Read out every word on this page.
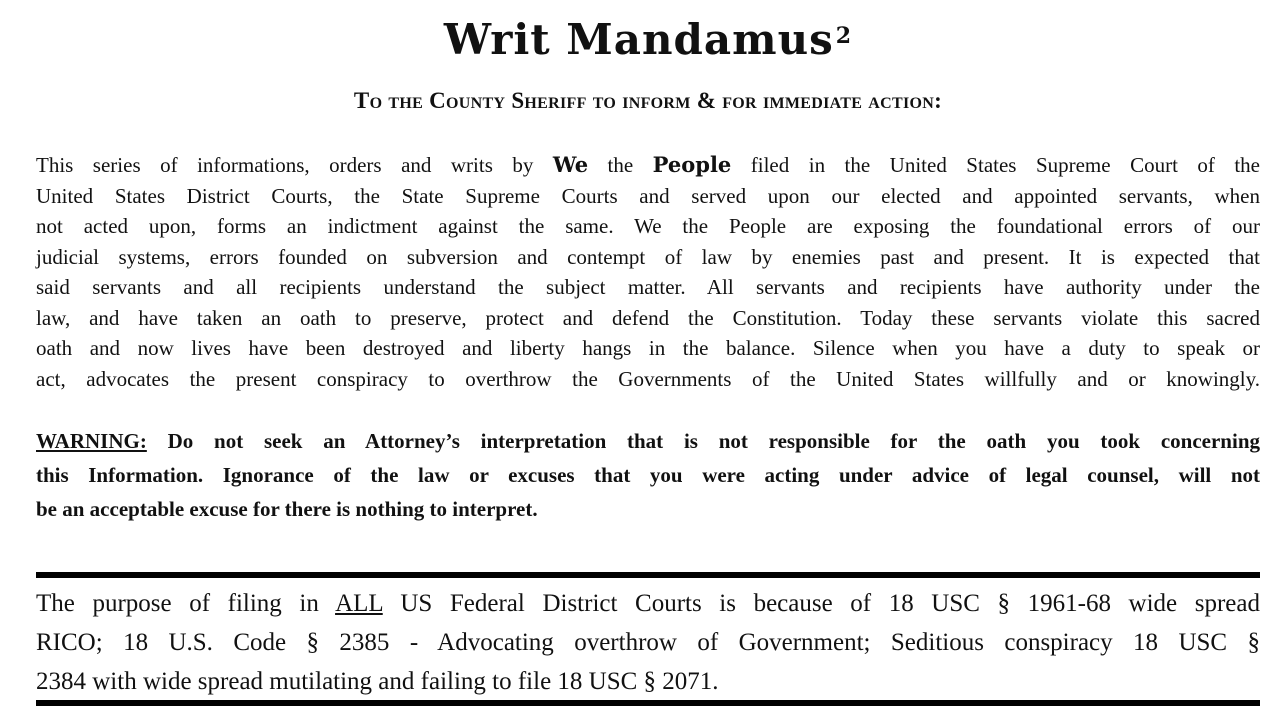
Writ Mandamus$^2$
To the County Sheriff to inform & for immediate action:
This series of informations, orders and writs by We the People filed in the United States Supreme Court of the
United States District Courts, the State Supreme Courts and served upon our elected and appointed servants, when
not acted upon, forms an indictment against the same. We the People are exposing the foundational errors of our
judicial systems, errors founded on subversion and contempt of law by enemies past and present. It is expected that
said servants and all recipients understand the subject matter. All servants and recipients have authority under the
law, and have taken an oath to preserve, protect and defend the Constitution. Today these servants violate this sacred
oath and now lives have been destroyed and liberty hangs in the balance. Silence when you have a duty to speak or
act, advocates the present conspiracy to overthrow the Governments of the United States willfully and or knowingly.
WARNING: Do not seek an Attorney’s interpretation that is not responsible for the oath you took concerning
this Information. Ignorance of the law or excuses that you were acting under advice of legal counsel, will not
be an acceptable excuse for there is nothing to interpret.
The purpose of filing in ALL US Federal District Courts is because of 18 USC § 1961-68 wide spread
RICO; 18 U.S. Code § 2385 - Advocating overthrow of Government; Seditious conspiracy 18 USC §
2384 with wide spread mutilating and failing to file 18 USC § 2071.
